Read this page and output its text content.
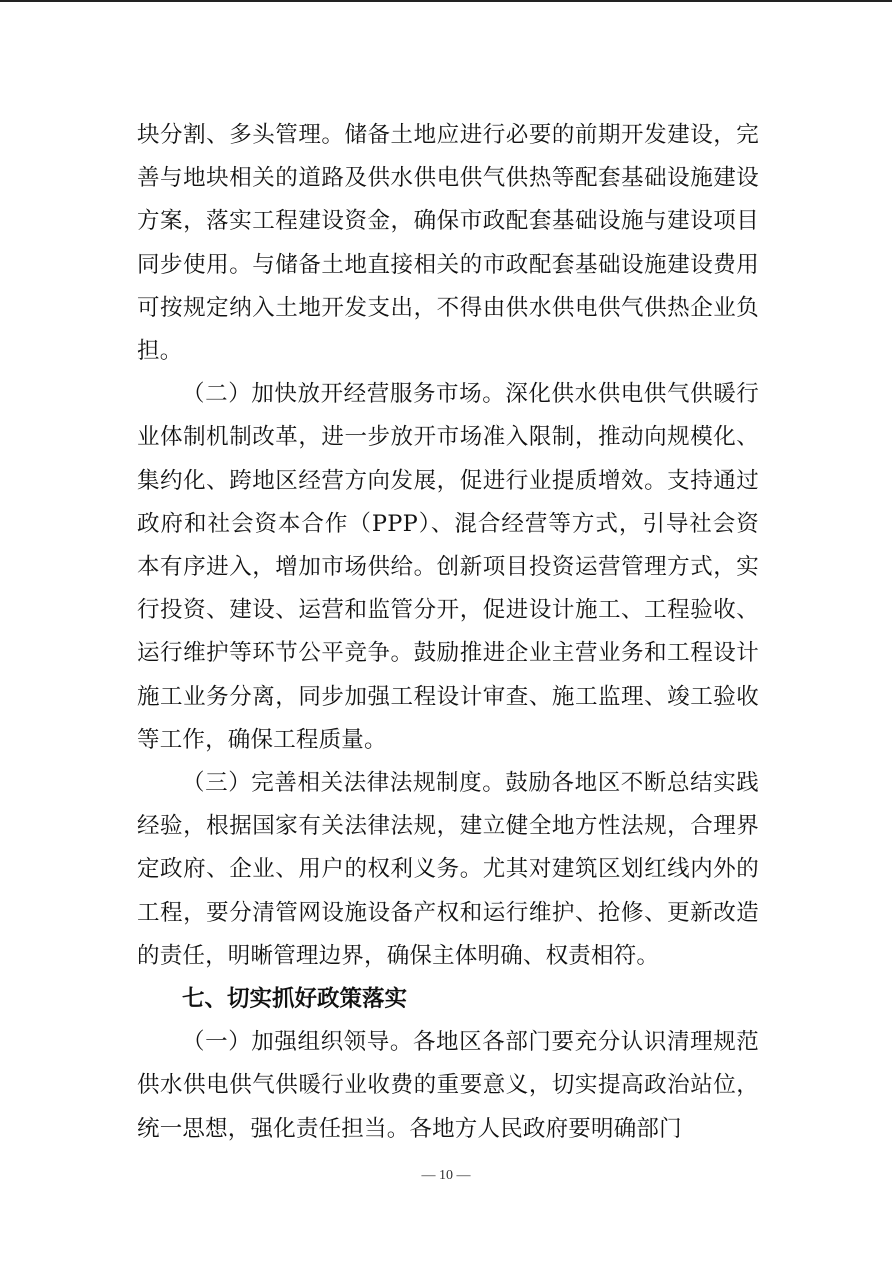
块分割、多头管理。储备土地应进行必要的前期开发建设，完善与地块相关的道路及供水供电供气供热等配套基础设施建设方案，落实工程建设资金，确保市政配套基础设施与建设项目同步使用。与储备土地直接相关的市政配套基础设施建设费用可按规定纳入土地开发支出，不得由供水供电供气供热企业负担。

（二）加快放开经营服务市场。深化供水供电供气供暖行业体制机制改革，进一步放开市场准入限制，推动向规模化、集约化、跨地区经营方向发展，促进行业提质增效。支持通过政府和社会资本合作（PPP）、混合经营等方式，引导社会资本有序进入，增加市场供给。创新项目投资运营管理方式，实行投资、建设、运营和监管分开，促进设计施工、工程验收、运行维护等环节公平竞争。鼓励推进企业主营业务和工程设计施工业务分离，同步加强工程设计审查、施工监理、竣工验收等工作，确保工程质量。

（三）完善相关法律法规制度。鼓励各地区不断总结实践经验，根据国家有关法律法规，建立健全地方性法规，合理界定政府、企业、用户的权利义务。尤其对建筑区划红线内外的工程，要分清管网设施设备产权和运行维护、抢修、更新改造的责任，明晰管理边界，确保主体明确、权责相符。

七、切实抓好政策落实

（一）加强组织领导。各地区各部门要充分认识清理规范供水供电供气供暖行业收费的重要意义，切实提高政治站位，统一思想，强化责任担当。各地方人民政府要明确部门

— 10 —
